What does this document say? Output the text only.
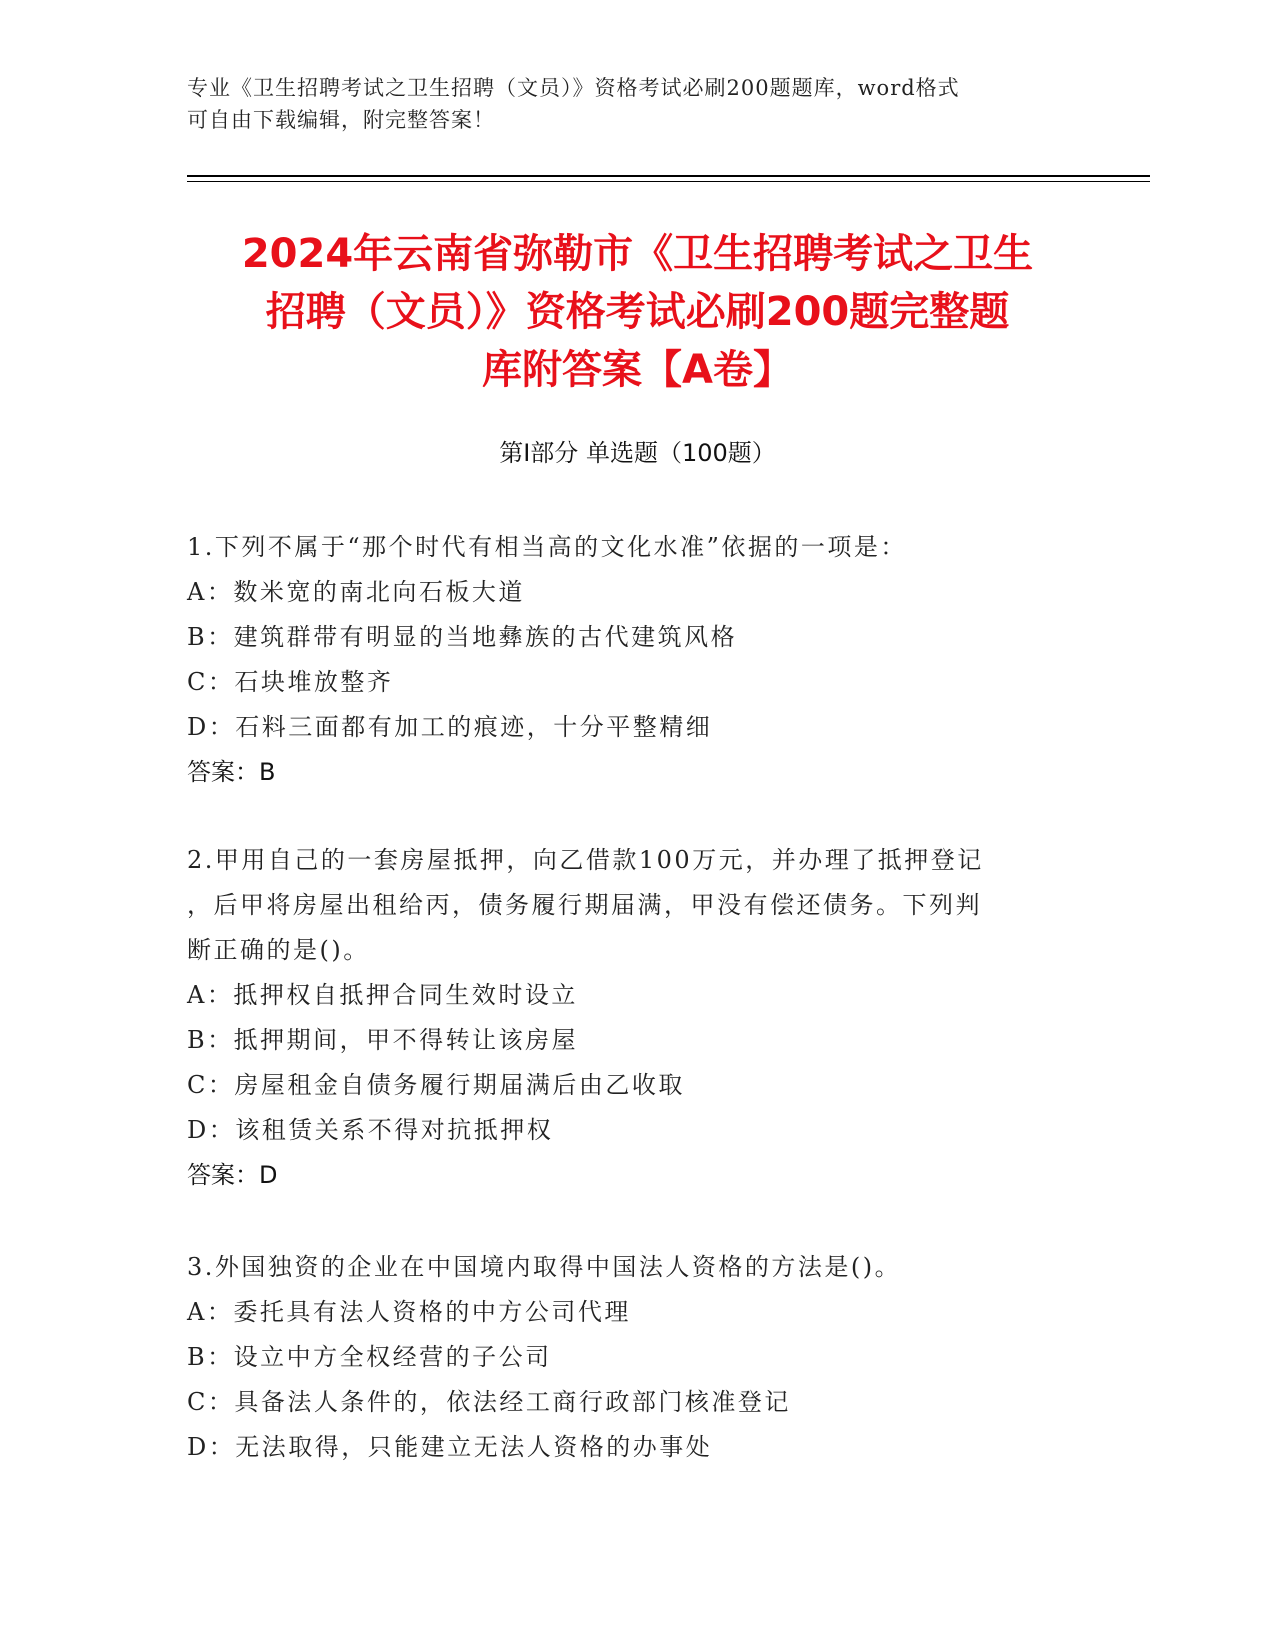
专业《卫生招聘考试之卫生招聘（文员）》资格考试必刷200题题库，word格式
可自由下载编辑，附完整答案！
2024年云南省弥勒市《卫生招聘考试之卫生
招聘（文员）》资格考试必刷200题完整题
库附答案【A卷】
第Ⅰ部分 单选题（100题）
1.下列不属于“那个时代有相当高的文化水准”依据的一项是：
A：数米宽的南北向石板大道
B：建筑群带有明显的当地彝族的古代建筑风格
C：石块堆放整齐
D：石料三面都有加工的痕迹，十分平整精细
答案：B
2.甲用自己的一套房屋抵押，向乙借款100万元，并办理了抵押登记
，后甲将房屋出租给丙，债务履行期届满，甲没有偿还债务。下列判
断正确的是()。
A：抵押权自抵押合同生效时设立
B：抵押期间，甲不得转让该房屋
C：房屋租金自债务履行期届满后由乙收取
D：该租赁关系不得对抗抵押权
答案：D
3.外国独资的企业在中国境内取得中国法人资格的方法是()。
A：委托具有法人资格的中方公司代理
B：设立中方全权经营的子公司
C：具备法人条件的，依法经工商行政部门核准登记
D：无法取得，只能建立无法人资格的办事处
